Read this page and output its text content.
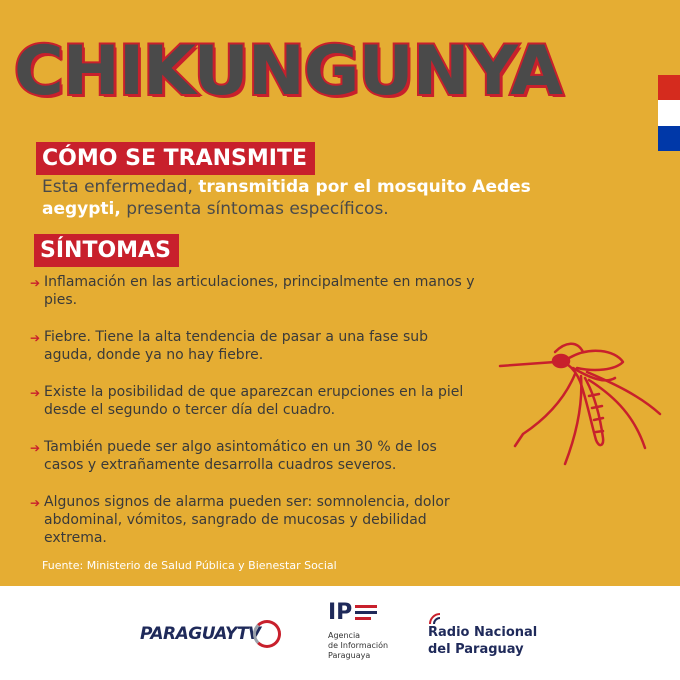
CHIKUNGUNYA
CÓMO SE TRANSMITE

Esta enfermedad, transmitida por el mosquito Aedes aegypti, presenta síntomas específicos.

SÍNTOMAS
➔ Inflamación en las articulaciones, principalmente en manos y pies.
➔ Fiebre. Tiene la alta tendencia de pasar a una fase sub aguda, donde ya no hay fiebre.
➔ Existe la posibilidad de que aparezcan erupciones en la piel desde el segundo o tercer día del cuadro.
➔ También puede ser algo asintomático en un 30 % de los casos y extrañamente desarrolla cuadros severos.
➔ Algunos signos de alarma pueden ser: somnolencia, dolor abdominal, vómitos, sangrado de mucosas y debilidad extrema.
Fuente: Ministerio de Salud Pública y Bienestar Social
PARAGUAYTV
IP
Agencia
de Información
Paraguaya
Radio Nacional
del Paraguay
